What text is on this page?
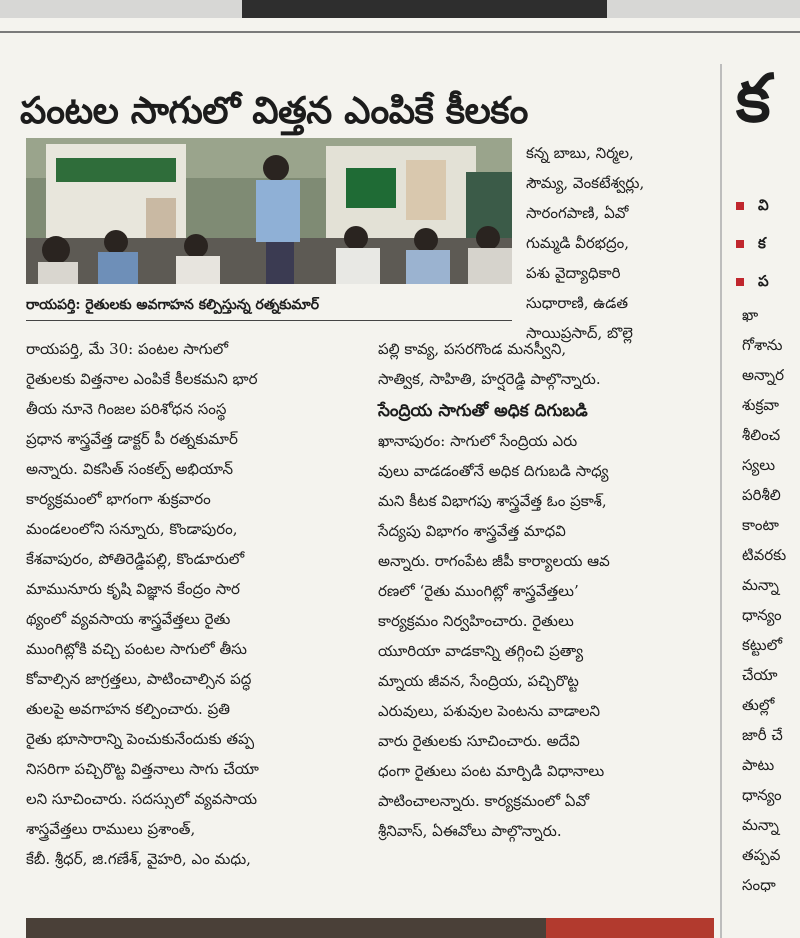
పంటల సాగులో విత్తన ఎంపికే కీలకం
రాయపర్తి: రైతులకు అవగాహన కల్పిస్తున్న రత్నకుమార్

రాయపర్తి, మే 30: పంటల సాగులో
రైతులకు విత్తనాల ఎంపికే కీలకమని భార
తీయ నూనె గింజల పరిశోధన సంస్థ
ప్రధాన శాస్త్రవేత్త డాక్టర్ పీ రత్నకుమార్
అన్నారు. వికసిత్ సంకల్ప్ అభియాన్
కార్యక్రమంలో భాగంగా శుక్రవారం
మండలంలోని సన్నూరు, కొండాపురం,
కేశవాపురం, పోతిరెడ్డిపల్లి, కొండూరులో
మామునూరు కృషి విజ్ఞాన కేంద్రం సార
థ్యంలో వ్యవసాయ శాస్త్రవేత్తలు రైతు
ముంగిట్లోకి వచ్చి పంటల సాగులో తీసు
కోవాల్సిన జాగ్రత్తలు, పాటించాల్సిన పద్ధ
తులపై అవగాహన కల్పించారు. ప్రతి
రైతు భూసారాన్ని పెంచుకునేందుకు తప్ప
నిసరిగా పచ్చిరొట్ట విత్తనాలు సాగు చేయా
లని సూచించారు. సదస్సులో వ్యవసాయ
శాస్త్రవేత్తలు రాములు ప్రశాంత్,
కేబీ. శ్రీధర్, జి.గణేశ్, వైహరి, ఎం మధు,

కన్న బాబు, నిర్మల,
సౌమ్య, వెంకటేశ్వర్లు,
సారంగపాణి, ఏవో
గుమ్మడి వీరభద్రం,
పశు వైద్యాధికారి
సుధారాణి, ఉడత
సాయిప్రసాద్, బొల్లె

పల్లి కావ్య, పసరగొండ మనస్వీని,
సాత్విక, సాహితి, హర్షరెడ్డి పాల్గొన్నారు.

సేంద్రియ సాగుతో అధిక దిగుబడి

ఖానాపురం: సాగులో సేంద్రియ ఎరు
వులు వాడడంతోనే అధిక దిగుబడి సాధ్య
మని కీటక విభాగపు శాస్త్రవేత్త ఓం ప్రకాశ్,
సేద్యపు విభాగం శాస్త్రవేత్త మాధవి
అన్నారు. రాగంపేట జీపీ కార్యాలయ ఆవ
రణలో ‘రైతు ముంగిట్లో శాస్త్రవేత్తలు’
కార్యక్రమం నిర్వహించారు. రైతులు
యూరియా వాడకాన్ని తగ్గించి ప్రత్యా
మ్నాయ జీవన, సేంద్రియ, పచ్చిరొట్ట
ఎరువులు, పశువుల పెంటను వాడాలని
వారు రైతులకు సూచించారు. అదేవి
ధంగా రైతులు పంట మార్పిడి విధానాలు
పాటించాలన్నారు. కార్యక్రమంలో ఏవో
శ్రీనివాస్, ఏఈవోలు పాల్గొన్నారు.

క
వి
క
ప
ఖా
గోశాను
అన్నార
శుక్రవా
శీలించ
స్యలు
పరిశీలి
కాంటా
టివరకు
మన్నా
ధాన్యం
కట్టులో
చేయా
తుల్లో
జారీ చే
పాటు
ధాన్యం
మన్నా
తప్పవ
సంధా
